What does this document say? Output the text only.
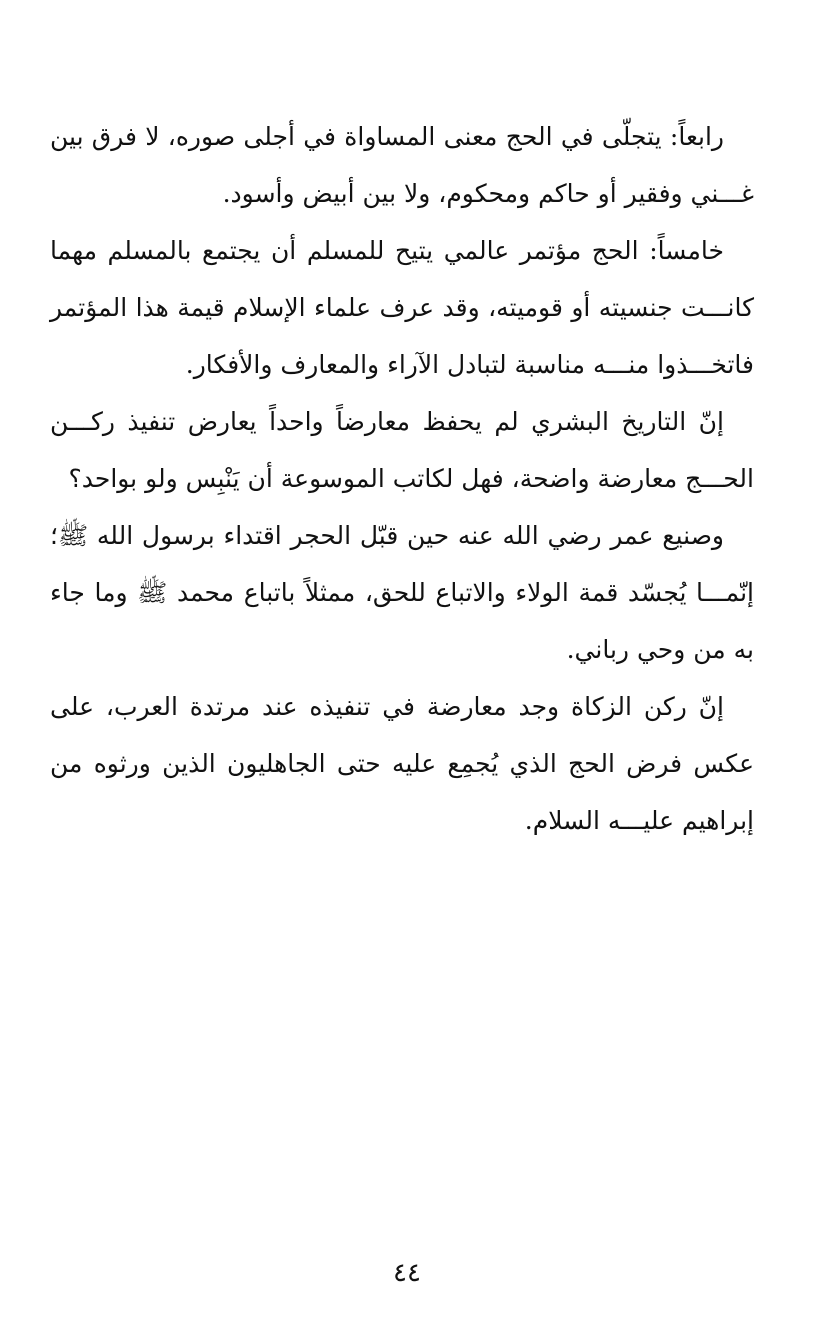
رابعاً: يتجلّى في الحج معنى المساواة في أجلى صوره، لا فرق بين غـــني وفقير أو حاكم ومحكوم، ولا بين أبيض وأسود.

خامساً: الحج مؤتمر عالمي يتيح للمسلم أن يجتمع بالمسلم مهما كانـــت جنسيته أو قوميته، وقد عرف علماء الإسلام قيمة هذا المؤتمر فاتخـــذوا منـــه مناسبة لتبادل الآراء والمعارف والأفكار.

إنّ التاريخ البشري لم يحفظ معارضاً واحداً يعارض تنفيذ ركـــن الحـــج معارضة واضحة، فهل لكاتب الموسوعة أن يَنْبِس ولو بواحد؟

وصنيع عمر رضي الله عنه حين قبّل الحجر اقتداء برسول الله ﷺ؛ إنّمـــا يُجسّد قمة الولاء والاتباع للحق، ممثلاً باتباع محمد ﷺ وما جاء به من وحي رباني.

إنّ ركن الزكاة وجد معارضة في تنفيذه عند مرتدة العرب، على عكس فرض الحج الذي يُجمِع عليه حتى الجاهليون الذين ورثوه من إبراهيم عليـــه السلام.

٤٤
